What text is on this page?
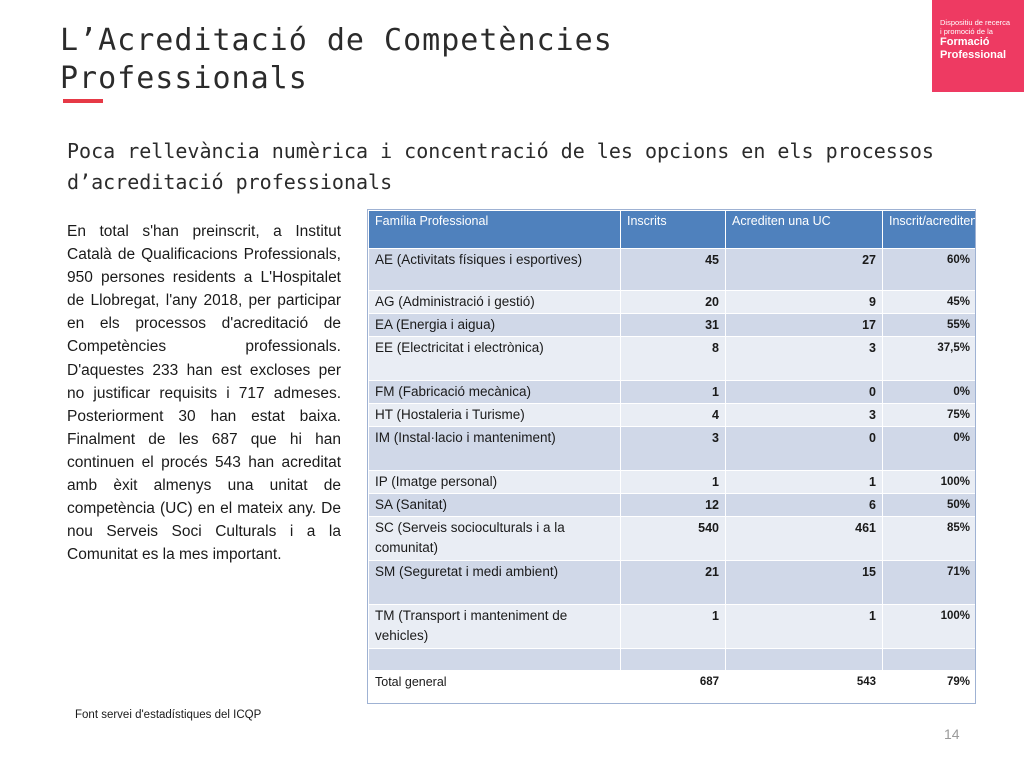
L’Acreditació de Competències Professionals
Dispositiu de recerca
i promoció de la
Formació
Professional
Poca rellevància numèrica i concentració de les opcions en els processos d’acreditació professionals
En total s'han preinscrit, a Institut Català de Qualificacions Professionals, 950 persones residents a L'Hospitalet de Llobregat, l'any 2018, per participar en els processos d'acreditació de Competències professionals. D'aquestes 233 han est excloses per no justificar requisits i 717 admeses. Posteriorment 30 han estat baixa. Finalment de les 687 que hi han continuen el procés 543 han acreditat amb èxit almenys una unitat de competència (UC) en el mateix any. De nou Serveis Soci Culturals i a la Comunitat es la mes important.
Família Professional	Inscrits	Acrediten una UC	Inscrit/acrediten
AE (Activitats físiques i esportives)	45	27	60%
AG (Administració i gestió)	20	9	45%
EA (Energia i aigua)	31	17	55%
EE (Electricitat i electrònica)	8	3	37,5%
FM (Fabricació mecànica)	1	0	0%
HT (Hostaleria i Turisme)	4	3	75%
IM (Instal·lacio i manteniment)	3	0	0%
IP (Imatge personal)	1	1	100%
SA (Sanitat)	12	6	50%
SC (Serveis socioculturals i a la comunitat)	540	461	85%
SM (Seguretat i medi ambient)	21	15	71%
TM (Transport i manteniment de vehicles)	1	1	100%

Total general	687	543	79%
Font servei d'estadístiques del ICQP
14
